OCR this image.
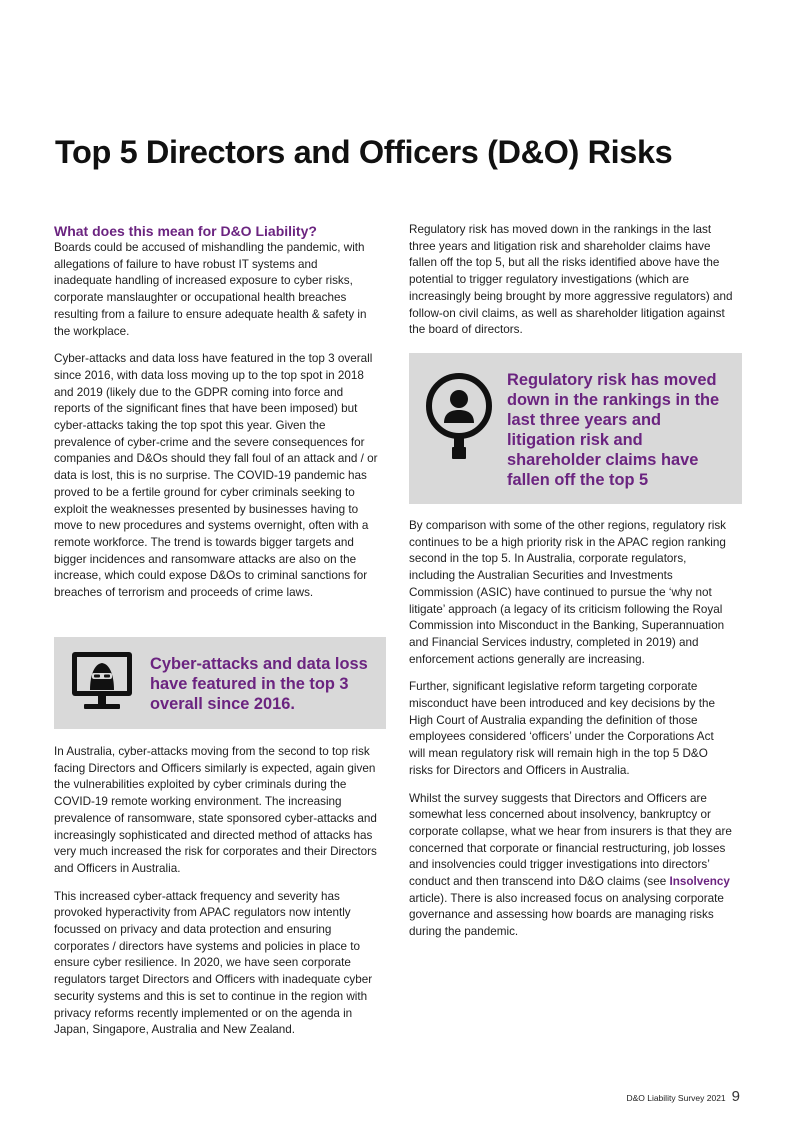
Top 5 Directors and Officers (D&O) Risks
What does this mean for D&O Liability?

Boards could be accused of mishandling the pandemic, with allegations of failure to have robust IT systems and inadequate handling of increased exposure to cyber risks, corporate manslaughter or occupational health breaches resulting from a failure to ensure adequate health & safety in the workplace.

Cyber-attacks and data loss have featured in the top 3 overall since 2016, with data loss moving up to the top spot in 2018 and 2019 (likely due to the GDPR coming into force and reports of the significant fines that have been imposed) but cyber-attacks taking the top spot this year. Given the prevalence of cyber-crime and the severe consequences for companies and D&Os should they fall foul of an attack and / or data is lost, this is no surprise. The COVID-19 pandemic has proved to be a fertile ground for cyber criminals seeking to exploit the weaknesses presented by businesses having to move to new procedures and systems overnight, often with a remote workforce. The trend is towards bigger targets and bigger incidences and ransomware attacks are also on the increase, which could expose D&Os to criminal sanctions for breaches of terrorism and proceeds of crime laws.

Cyber-attacks and data loss have featured in the top 3 overall since 2016.

In Australia, cyber-attacks moving from the second to top risk facing Directors and Officers similarly is expected, again given the vulnerabilities exploited by cyber criminals during the COVID-19 remote working environment. The increasing prevalence of ransomware, state sponsored cyber-attacks and increasingly sophisticated and directed method of attacks has very much increased the risk for corporates and their Directors and Officers in Australia.

This increased cyber-attack frequency and severity has provoked hyperactivity from APAC regulators now intently focussed on privacy and data protection and ensuring corporates / directors have systems and policies in place to ensure cyber resilience. In 2020, we have seen corporate regulators target Directors and Officers with inadequate cyber security systems and this is set to continue in the region with privacy reforms recently implemented or on the agenda in Japan, Singapore, Australia and New Zealand.

Regulatory risk has moved down in the rankings in the last three years and litigation risk and shareholder claims have fallen off the top 5, but all the risks identified above have the potential to trigger regulatory investigations (which are increasingly being brought by more aggressive regulators) and follow-on civil claims, as well as shareholder litigation against the board of directors.

Regulatory risk has moved down in the rankings in the last three years and litigation risk and shareholder claims have fallen off the top 5

By comparison with some of the other regions, regulatory risk continues to be a high priority risk in the APAC region ranking second in the top 5. In Australia, corporate regulators, including the Australian Securities and Investments Commission (ASIC) have continued to pursue the ‘why not litigate’ approach (a legacy of its criticism following the Royal Commission into Misconduct in the Banking, Superannuation and Financial Services industry, completed in 2019) and enforcement actions generally are increasing.

Further, significant legislative reform targeting corporate misconduct have been introduced and key decisions by the High Court of Australia expanding the definition of those employees considered ‘officers’ under the Corporations Act will mean regulatory risk will remain high in the top 5 D&O risks for Directors and Officers in Australia.

Whilst the survey suggests that Directors and Officers are somewhat less concerned about insolvency, bankruptcy or corporate collapse, what we hear from insurers is that they are concerned that corporate or financial restructuring, job losses and insolvencies could trigger investigations into directors’ conduct and then transcend into D&O claims (see Insolvency article). There is also increased focus on analysing corporate governance and assessing how boards are managing risks during the pandemic.

D&O Liability Survey 2021 9
